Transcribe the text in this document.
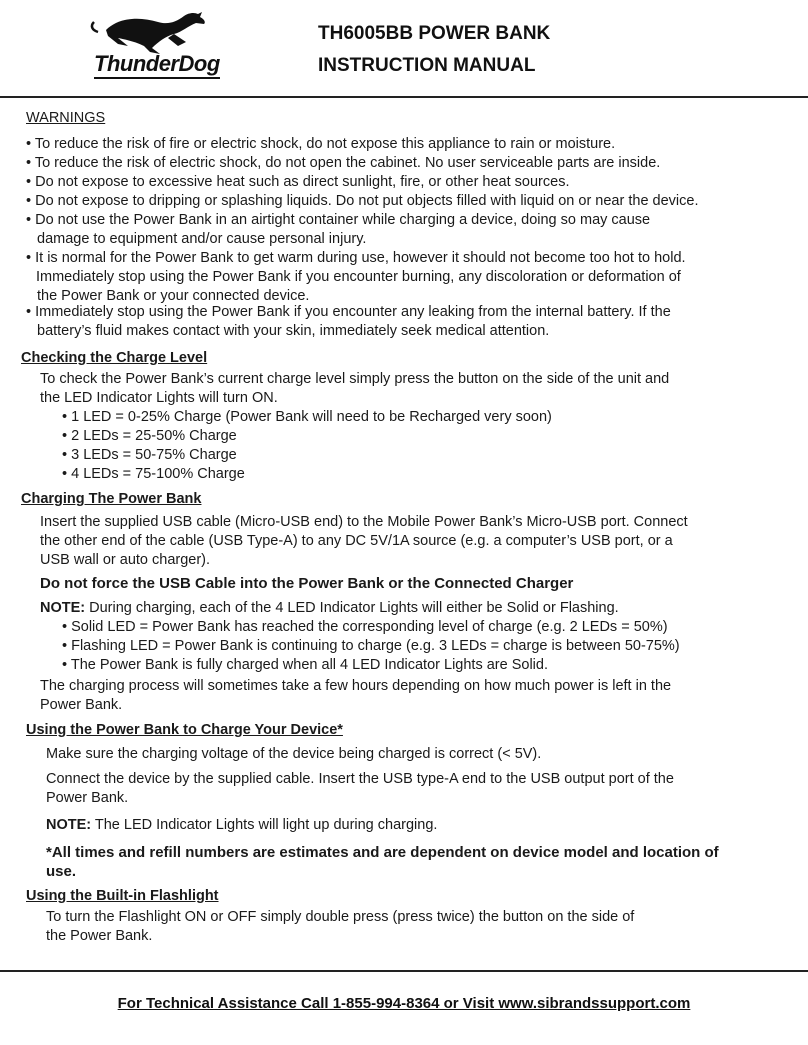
ThunderDog
TH6005BB POWER BANK
INSTRUCTION MANUAL
WARNINGS
• To reduce the risk of fire or electric shock, do not expose this appliance to rain or moisture.
• To reduce the risk of electric shock, do not open the cabinet. No user serviceable parts are inside.
• Do not expose to excessive heat such as direct sunlight, fire, or other heat sources.
• Do not expose to dripping or splashing liquids. Do not put objects filled with liquid on or near the device.
• Do not use the Power Bank in an airtight container while charging a device, doing so may cause
damage to equipment and/or cause personal injury.
• It is normal for the Power Bank to get warm during use, however it should not become too hot to hold.
Immediately stop using the Power Bank if you encounter burning, any discoloration or deformation of
the Power Bank or your connected device.
• Immediately stop using the Power Bank if you encounter any leaking from the internal battery. If the
battery’s fluid makes contact with your skin, immediately seek medical attention.
Checking the Charge Level
To check the Power Bank’s current charge level simply press the button on the side of the unit and
the LED Indicator Lights will turn ON.
• 1 LED = 0-25% Charge (Power Bank will need to be Recharged very soon)
• 2 LEDs = 25-50% Charge
• 3 LEDs = 50-75% Charge
• 4 LEDs = 75-100% Charge
Charging The Power Bank
Insert the supplied USB cable (Micro-USB end) to the Mobile Power Bank’s Micro-USB port. Connect
the other end of the cable (USB Type-A) to any DC 5V/1A source (e.g. a computer’s USB port, or a
USB wall or auto charger).
Do not force the USB Cable into the Power Bank or the Connected Charger
NOTE: During charging, each of the 4 LED Indicator Lights will either be Solid or Flashing.
• Solid LED = Power Bank has reached the corresponding level of charge (e.g. 2 LEDs = 50%)
• Flashing LED = Power Bank is continuing to charge (e.g. 3 LEDs = charge is between 50-75%)
• The Power Bank is fully charged when all 4 LED Indicator Lights are Solid.
The charging process will sometimes take a few hours depending on how much power is left in the
Power Bank.
Using the Power Bank to Charge Your Device*
Make sure the charging voltage of the device being charged is correct (< 5V).
Connect the device by the supplied cable. Insert the USB type-A end to the USB output port of the
Power Bank.
NOTE: The LED Indicator Lights will light up during charging.
*All times and refill numbers are estimates and are dependent on device model and location of
use.
Using the Built-in Flashlight
To turn the Flashlight ON or OFF simply double press (press twice) the button on the side of
the Power Bank.
For Technical Assistance Call 1-855-994-8364 or Visit www.sibrandssupport.com
